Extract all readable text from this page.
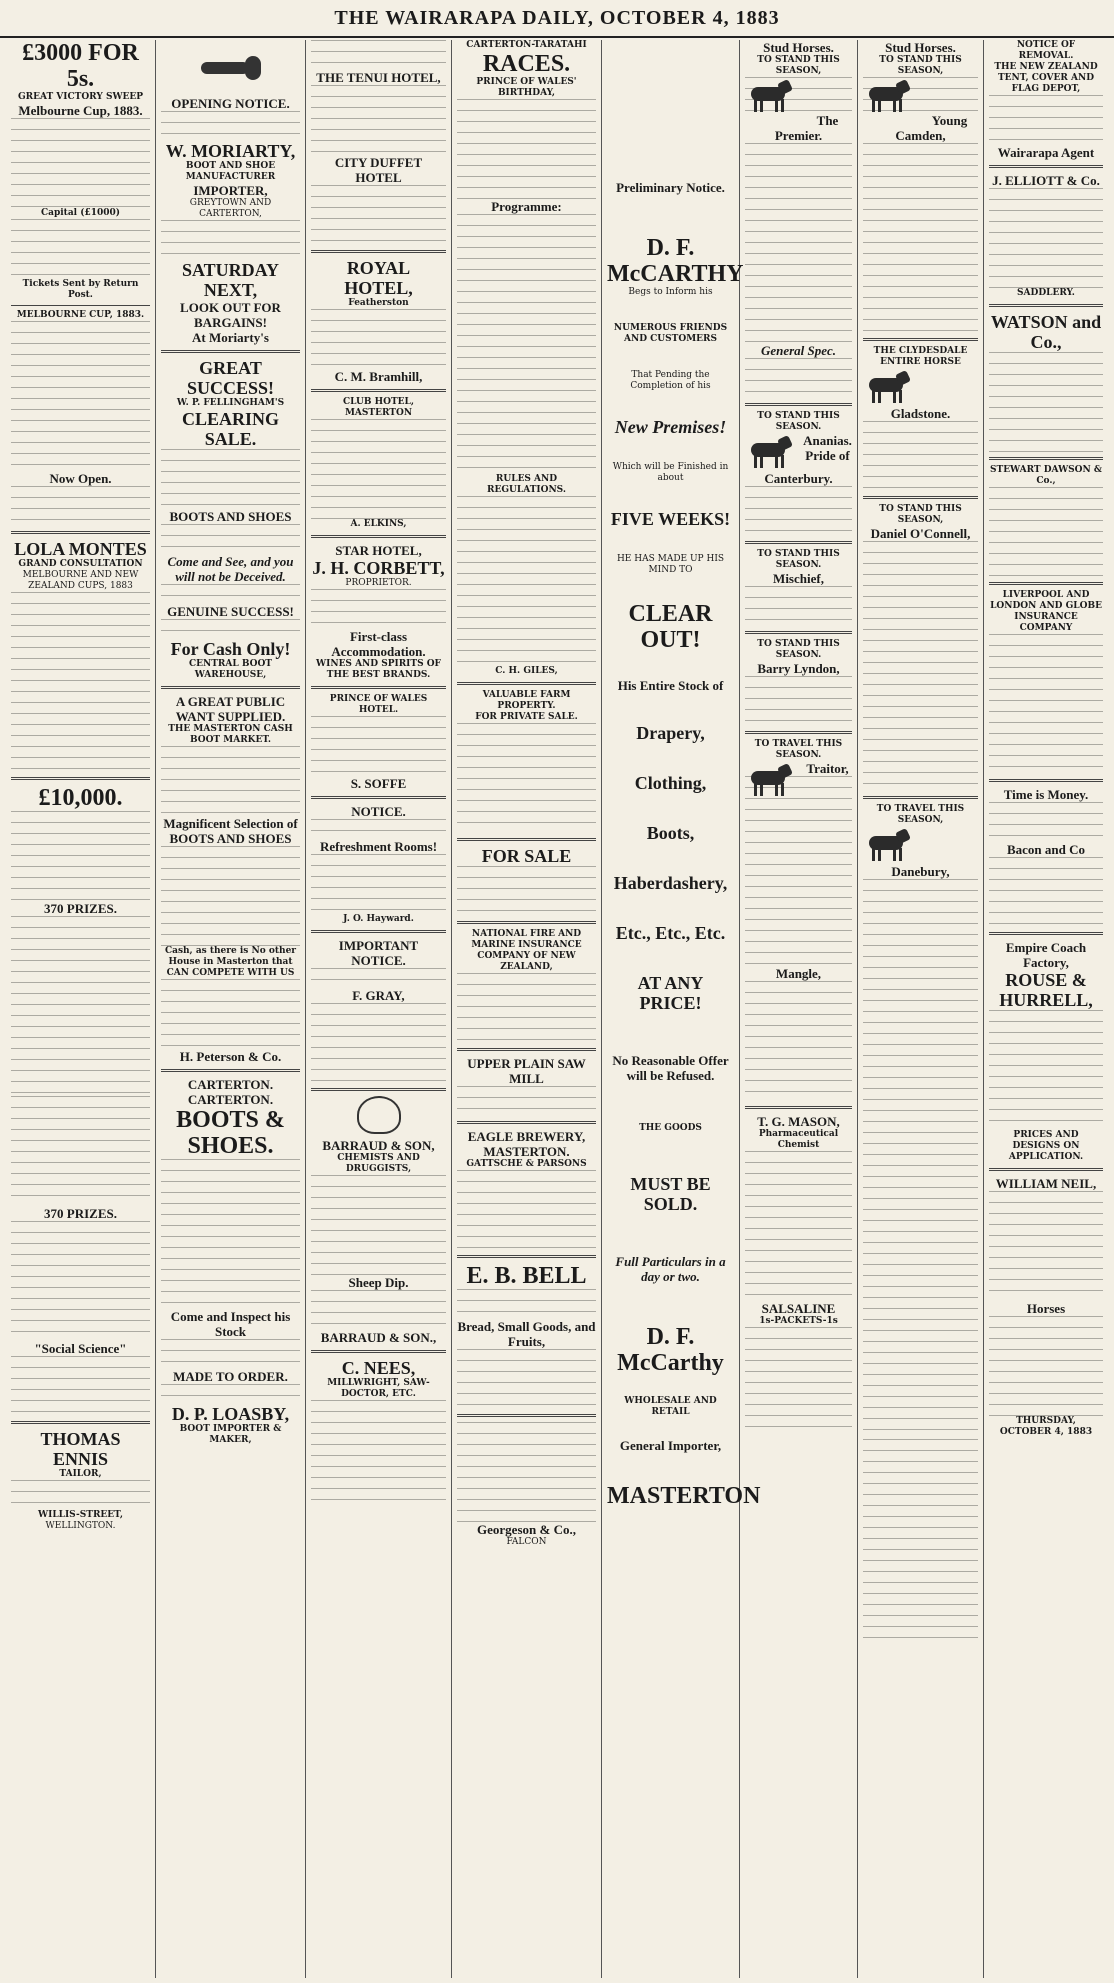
THE WAIRARAPA DAILY, OCTOBER 4, 1883
£3000 FOR 5s.
GREAT VICTORY SWEEP
Melbourne Cup, 1883.
Capital (£1000)
Tickets Sent by Return Post.
MELBOURNE CUP, 1883.
Now Open.
LOLA MONTES
GRAND CONSULTATION
MELBOURNE AND NEW ZEALAND CUPS, 1883
£10,000.
370 PRIZES.
370 PRIZES.
"Social Science"
THOMAS ENNIS
TAILOR,
WILLIS-STREET,
WELLINGTON.
OPENING NOTICE.
W. MORIARTY,
BOOT AND SHOE MANUFACTURER
IMPORTER,
GREYTOWN AND CARTERTON,
SATURDAY NEXT,
LOOK OUT FOR BARGAINS!
At Moriarty's
GREAT SUCCESS!
W. P. FELLINGHAM'S
CLEARING SALE.
BOOTS AND SHOES
Come and See, and you will not be Deceived.
GENUINE SUCCESS!
For Cash Only!
CENTRAL BOOT WAREHOUSE,
A GREAT PUBLIC WANT SUPPLIED.
THE MASTERTON CASH BOOT MARKET.
Magnificent Selection of BOOTS AND SHOES
Cash, as there is No other House in Masterton that CAN COMPETE WITH US
H. Peterson & Co.
CARTERTON. CARTERTON.
BOOTS & SHOES.
Come and Inspect his Stock
MADE TO ORDER.
D. P. LOASBY,
BOOT IMPORTER & MAKER,
THE TENUI HOTEL,
CITY DUFFET HOTEL
ROYAL HOTEL,
Featherston
C. M. Bramhill,
CLUB HOTEL, MASTERTON
A. ELKINS,
STAR HOTEL,
J. H. CORBETT,
PROPRIETOR.
First-class Accommodation.
WINES AND SPIRITS OF THE BEST BRANDS.
PRINCE OF WALES HOTEL.
S. SOFFE
NOTICE.
Refreshment Rooms!
J. O. Hayward.
IMPORTANT NOTICE.
F. GRAY,
BARRAUD & SON,
CHEMISTS AND DRUGGISTS,
Sheep Dip.
BARRAUD & SON.,
C. NEES,
MILLWRIGHT, SAW-DOCTOR, ETC.
CARTERTON-TARATAHI
RACES.
PRINCE OF WALES' BIRTHDAY,
Programme:
RULES AND REGULATIONS.
C. H. GILES,
VALUABLE FARM PROPERTY.
FOR PRIVATE SALE.
FOR SALE
NATIONAL FIRE AND MARINE INSURANCE COMPANY OF NEW ZEALAND,
UPPER PLAIN SAW MILL
EAGLE BREWERY, MASTERTON.
GATTSCHE & PARSONS
E. B. BELL
Bread, Small Goods, and Fruits,
Georgeson & Co.,
FALCON
Preliminary Notice.
D. F. McCARTHY
Begs to Inform his
NUMEROUS FRIENDS AND CUSTOMERS
That Pending the Completion of his
New Premises!
Which will be Finished in about
FIVE WEEKS!
HE HAS MADE UP HIS MIND TO
CLEAR OUT!
His Entire Stock of
Drapery,
Clothing,
Boots,
Haberdashery,
Etc., Etc., Etc.
AT ANY PRICE!
No Reasonable Offer will be Refused.
THE GOODS
MUST BE SOLD.
Full Particulars in a day or two.
D. F. McCarthy
WHOLESALE AND RETAIL
General Importer,
MASTERTON
Stud Horses.
TO STAND THIS SEASON,
The Premier.
General Spec.
TO STAND THIS SEASON.
Ananias.
Pride of Canterbury.
TO STAND THIS SEASON.
Mischief,
TO STAND THIS SEASON.
Barry Lyndon,
TO TRAVEL THIS SEASON.
Traitor,
Mangle,
T. G. MASON,
Pharmaceutical Chemist
SALSALINE
1s-PACKETS-1s
Stud Horses.
TO STAND THIS SEASON,
Young Camden,
THE CLYDESDALE ENTIRE HORSE
Gladstone.
TO STAND THIS SEASON,
Daniel O'Connell,
TO TRAVEL THIS SEASON,
Danebury,
NOTICE OF REMOVAL.
THE NEW ZEALAND TENT, COVER AND FLAG DEPOT,
Wairarapa Agent
J. ELLIOTT & Co.
SADDLERY.
WATSON and Co.,
STEWART DAWSON & Co.,
LIVERPOOL AND LONDON AND GLOBE INSURANCE COMPANY
Time is Money.
Bacon and Co
Empire Coach Factory,
ROUSE & HURRELL,
PRICES AND DESIGNS ON APPLICATION.
WILLIAM NEIL,
Horses
THURSDAY, OCTOBER 4, 1883
